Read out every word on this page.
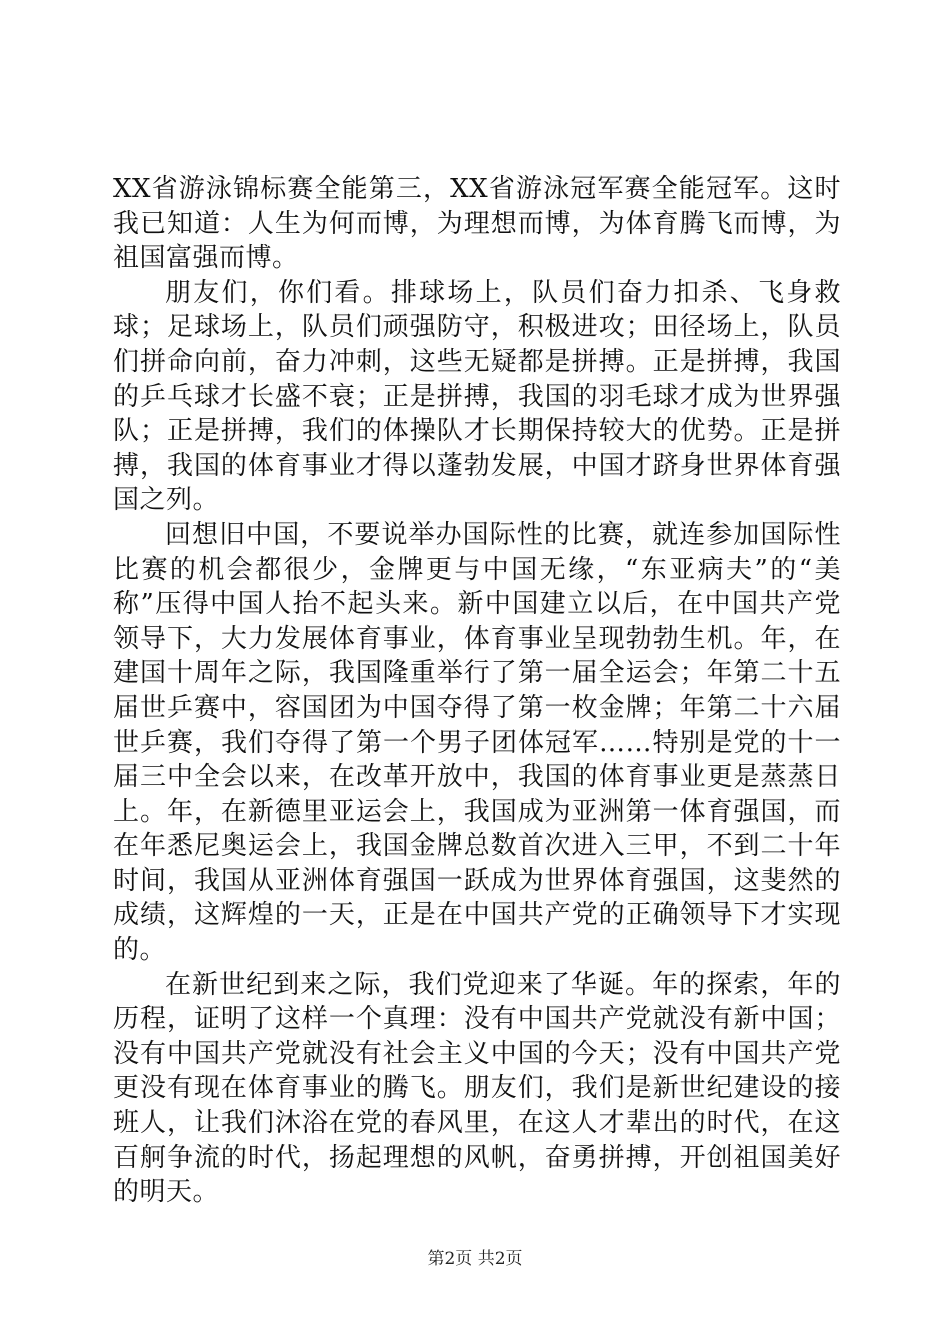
XX省游泳锦标赛全能第三，XX省游泳冠军赛全能冠军。这时我已知道：人生为何而博，为理想而博，为体育腾飞而博，为祖国富强而博。

朋友们，你们看。排球场上，队员们奋力扣杀、飞身救球；足球场上，队员们顽强防守，积极进攻；田径场上，队员们拼命向前，奋力冲刺，这些无疑都是拼搏。正是拼搏，我国的乒乓球才长盛不衰；正是拼搏，我国的羽毛球才成为世界强队；正是拼搏，我们的体操队才长期保持较大的优势。正是拼搏，我国的体育事业才得以蓬勃发展，中国才跻身世界体育强国之列。

回想旧中国，不要说举办国际性的比赛，就连参加国际性比赛的机会都很少，金牌更与中国无缘，“东亚病夫”的“美称”压得中国人抬不起头来。新中国建立以后，在中国共产党领导下，大力发展体育事业，体育事业呈现勃勃生机。年，在建国十周年之际，我国隆重举行了第一届全运会；年第二十五届世乒赛中，容国团为中国夺得了第一枚金牌；年第二十六届世乒赛，我们夺得了第一个男子团体冠军……特别是党的十一届三中全会以来，在改革开放中，我国的体育事业更是蒸蒸日上。年，在新德里亚运会上，我国成为亚洲第一体育强国，而在年悉尼奥运会上，我国金牌总数首次进入三甲，不到二十年时间，我国从亚洲体育强国一跃成为世界体育强国，这斐然的成绩，这辉煌的一天，正是在中国共产党的正确领导下才实现的。

在新世纪到来之际，我们党迎来了华诞。年的探索，年的历程，证明了这样一个真理：没有中国共产党就没有新中国；没有中国共产党就没有社会主义中国的今天；没有中国共产党更没有现在体育事业的腾飞。朋友们，我们是新世纪建设的接班人，让我们沐浴在党的春风里，在这人才辈出的时代，在这百舸争流的时代，扬起理想的风帆，奋勇拼搏，开创祖国美好的明天。

第2页 共2页
